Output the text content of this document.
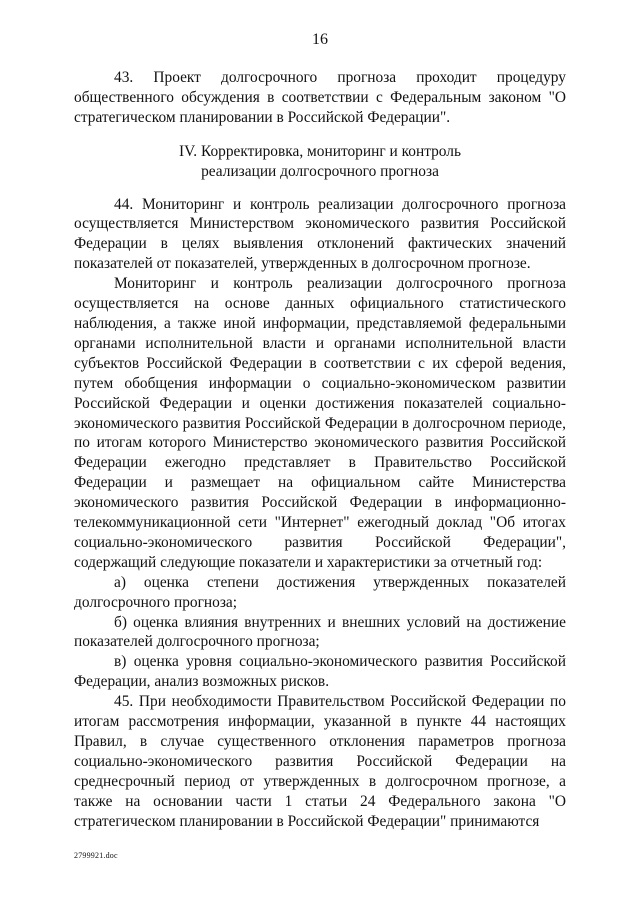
16

43. Проект долгосрочного прогноза проходит процедуру общественного обсуждения в соответствии с Федеральным законом "О стратегическом планировании в Российской Федерации".

IV. Корректировка, мониторинг и контроль
реализации долгосрочного прогноза

44. Мониторинг и контроль реализации долгосрочного прогноза осуществляется Министерством экономического развития Российской Федерации в целях выявления отклонений фактических значений показателей от показателей, утвержденных в долгосрочном прогнозе.

Мониторинг и контроль реализации долгосрочного прогноза осуществляется на основе данных официального статистического наблюдения, а также иной информации, представляемой федеральными органами исполнительной власти и органами исполнительной власти субъектов Российской Федерации в соответствии с их сферой ведения, путем обобщения информации о социально-экономическом развитии Российской Федерации и оценки достижения показателей социально-экономического развития Российской Федерации в долгосрочном периоде, по итогам которого Министерство экономического развития Российской Федерации ежегодно представляет в Правительство Российской Федерации и размещает на официальном сайте Министерства экономического развития Российской Федерации в информационно-телекоммуникационной сети "Интернет" ежегодный доклад "Об итогах социально-экономического развития Российской Федерации", содержащий следующие показатели и характеристики за отчетный год:

а) оценка степени достижения утвержденных показателей долгосрочного прогноза;

б) оценка влияния внутренних и внешних условий на достижение показателей долгосрочного прогноза;

в) оценка уровня социально-экономического развития Российской Федерации, анализ возможных рисков.

45. При необходимости Правительством Российской Федерации по итогам рассмотрения информации, указанной в пункте 44 настоящих Правил, в случае существенного отклонения параметров прогноза социально-экономического развития Российской Федерации на среднесрочный период от утвержденных в долгосрочном прогнозе, а также на основании части 1 статьи 24 Федерального закона "О стратегическом планировании в Российской Федерации" принимаются

2799921.doc
